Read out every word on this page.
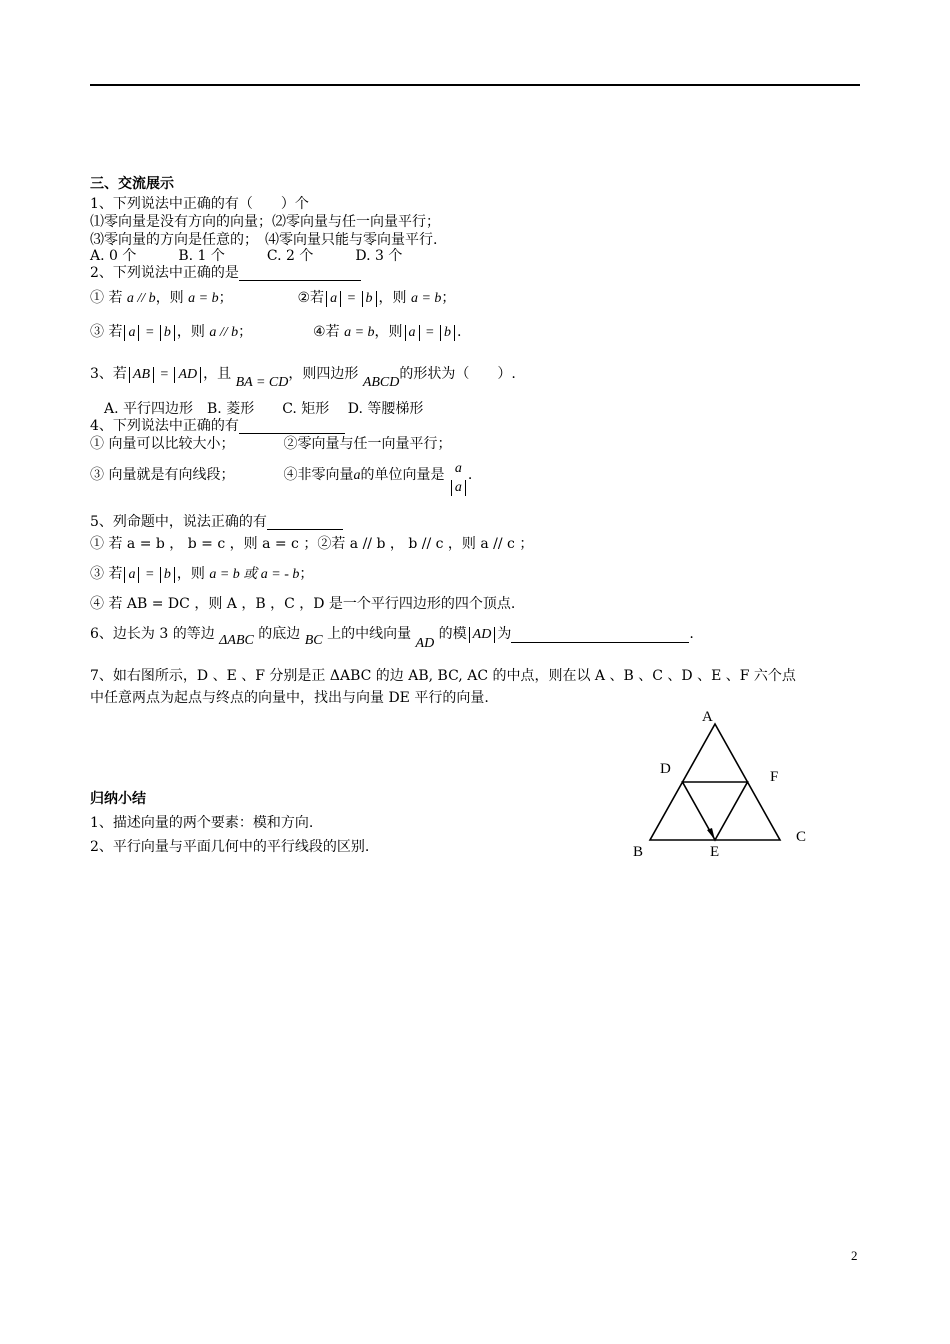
三、交流展示
1、下列说法中正确的有（　　）个
⑴零向量是没有方向的向量；⑵零向量与任一向量平行；
⑶零向量的方向是任意的；　⑷零向量只能与零向量平行.
A. 0 个　　　B. 1 个　　　C. 2 个　　　D. 3 个
2、下列说法中正确的是
① 若 a // b，则 a = b；	②若 a = b ，则 a = b；
③ 若 a = b ，则 a // b；	④若 a = b，则 a = b .
3、若 AB = AD ，且 BA = CD，则四边形 ABCD的形状为（　　）.
A. 平行四边形　B. 菱形　　C. 矩形　 D. 等腰梯形
4、下列说法中正确的有
① 向量可以比较大小；　　　　②零向量与任一向量平行；
③ 向量就是有向线段；　　　　④非零向量a的单位向量是 a
a
.
5、列命题中，说法正确的有
① 若 a = b ， b = c ，则 a = c ；②若 a // b ， b // c ，则 a // c ；
③ 若 a = b ，则 a = b 或 a = - b；
④ 若 AB = DC ，则 A ，B ，C ，D 是一个平行四边形的四个顶点.
6、边长为 3 的等边 ΔABC 的底边 BC 上的中线向量 AD 的模 AD 为	.
7、如右图所示，D 、E 、F 分别是正 ΔABC 的边 AB, BC, AC 的中点，则在以 A 、B 、C 、D 、E 、F 六个点
中任意两点为起点与终点的向量中，找出与向量 DE 平行的向量.
归纳小结
1、描述向量的两个要素：模和方向.
2、平行向量与平面几何中的平行线段的区别.
A
D	F
C
B	E
2
